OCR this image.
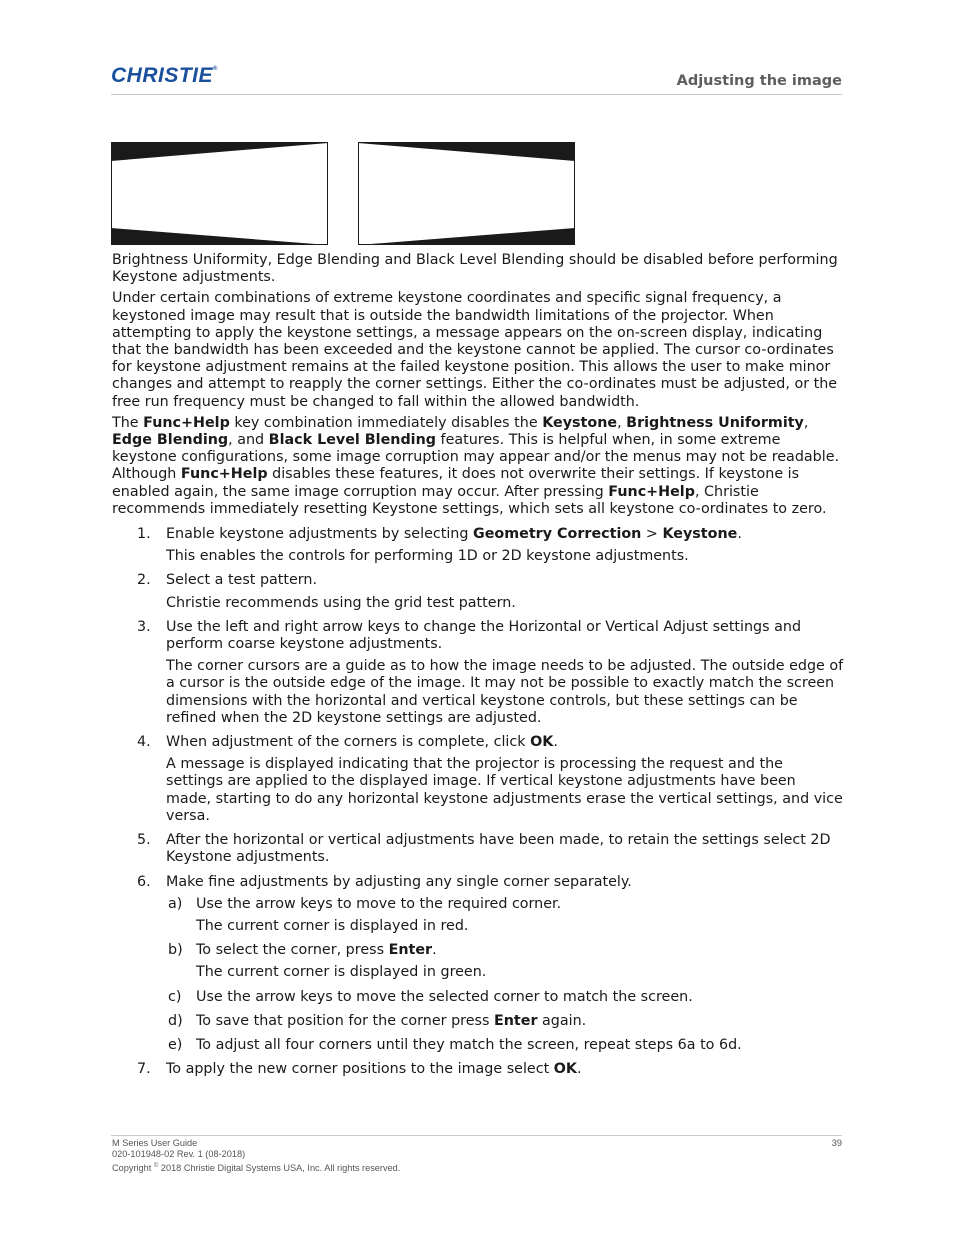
CHRISTIE®
Adjusting the image

Brightness Uniformity, Edge Blending and Black Level Blending should be disabled before performing Keystone adjustments.

Under certain combinations of extreme keystone coordinates and specific signal frequency, a keystoned image may result that is outside the bandwidth limitations of the projector. When attempting to apply the keystone settings, a message appears on the on-screen display, indicating that the bandwidth has been exceeded and the keystone cannot be applied. The cursor co-ordinates for keystone adjustment remains at the failed keystone position. This allows the user to make minor changes and attempt to reapply the corner settings. Either the co-ordinates must be adjusted, or the free run frequency must be changed to fall within the allowed bandwidth.

The Func+Help key combination immediately disables the Keystone, Brightness Uniformity, Edge Blending, and Black Level Blending features. This is helpful when, in some extreme keystone configurations, some image corruption may appear and/or the menus may not be readable. Although Func+Help disables these features, it does not overwrite their settings. If keystone is enabled again, the same image corruption may occur. After pressing Func+Help, Christie recommends immediately resetting Keystone settings, which sets all keystone co-ordinates to zero.

1. Enable keystone adjustments by selecting Geometry Correction > Keystone.
This enables the controls for performing 1D or 2D keystone adjustments.
2. Select a test pattern.
Christie recommends using the grid test pattern.
3. Use the left and right arrow keys to change the Horizontal or Vertical Adjust settings and perform coarse keystone adjustments.
The corner cursors are a guide as to how the image needs to be adjusted. The outside edge of a cursor is the outside edge of the image. It may not be possible to exactly match the screen dimensions with the horizontal and vertical keystone controls, but these settings can be refined when the 2D keystone settings are adjusted.
4. When adjustment of the corners is complete, click OK.
A message is displayed indicating that the projector is processing the request and the settings are applied to the displayed image. If vertical keystone adjustments have been made, starting to do any horizontal keystone adjustments erase the vertical settings, and vice versa.
5. After the horizontal or vertical adjustments have been made, to retain the settings select 2D Keystone adjustments.
6. Make fine adjustments by adjusting any single corner separately.
a) Use the arrow keys to move to the required corner.
The current corner is displayed in red.
b) To select the corner, press Enter.
The current corner is displayed in green.
c) Use the arrow keys to move the selected corner to match the screen.
d) To save that position for the corner press Enter again.
e) To adjust all four corners until they match the screen, repeat steps 6a to 6d.
7. To apply the new corner positions to the image select OK.
M Series User Guide
020-101948-02 Rev. 1 (08-2018)
Copyright © 2018 Christie Digital Systems USA, Inc. All rights reserved.
39
